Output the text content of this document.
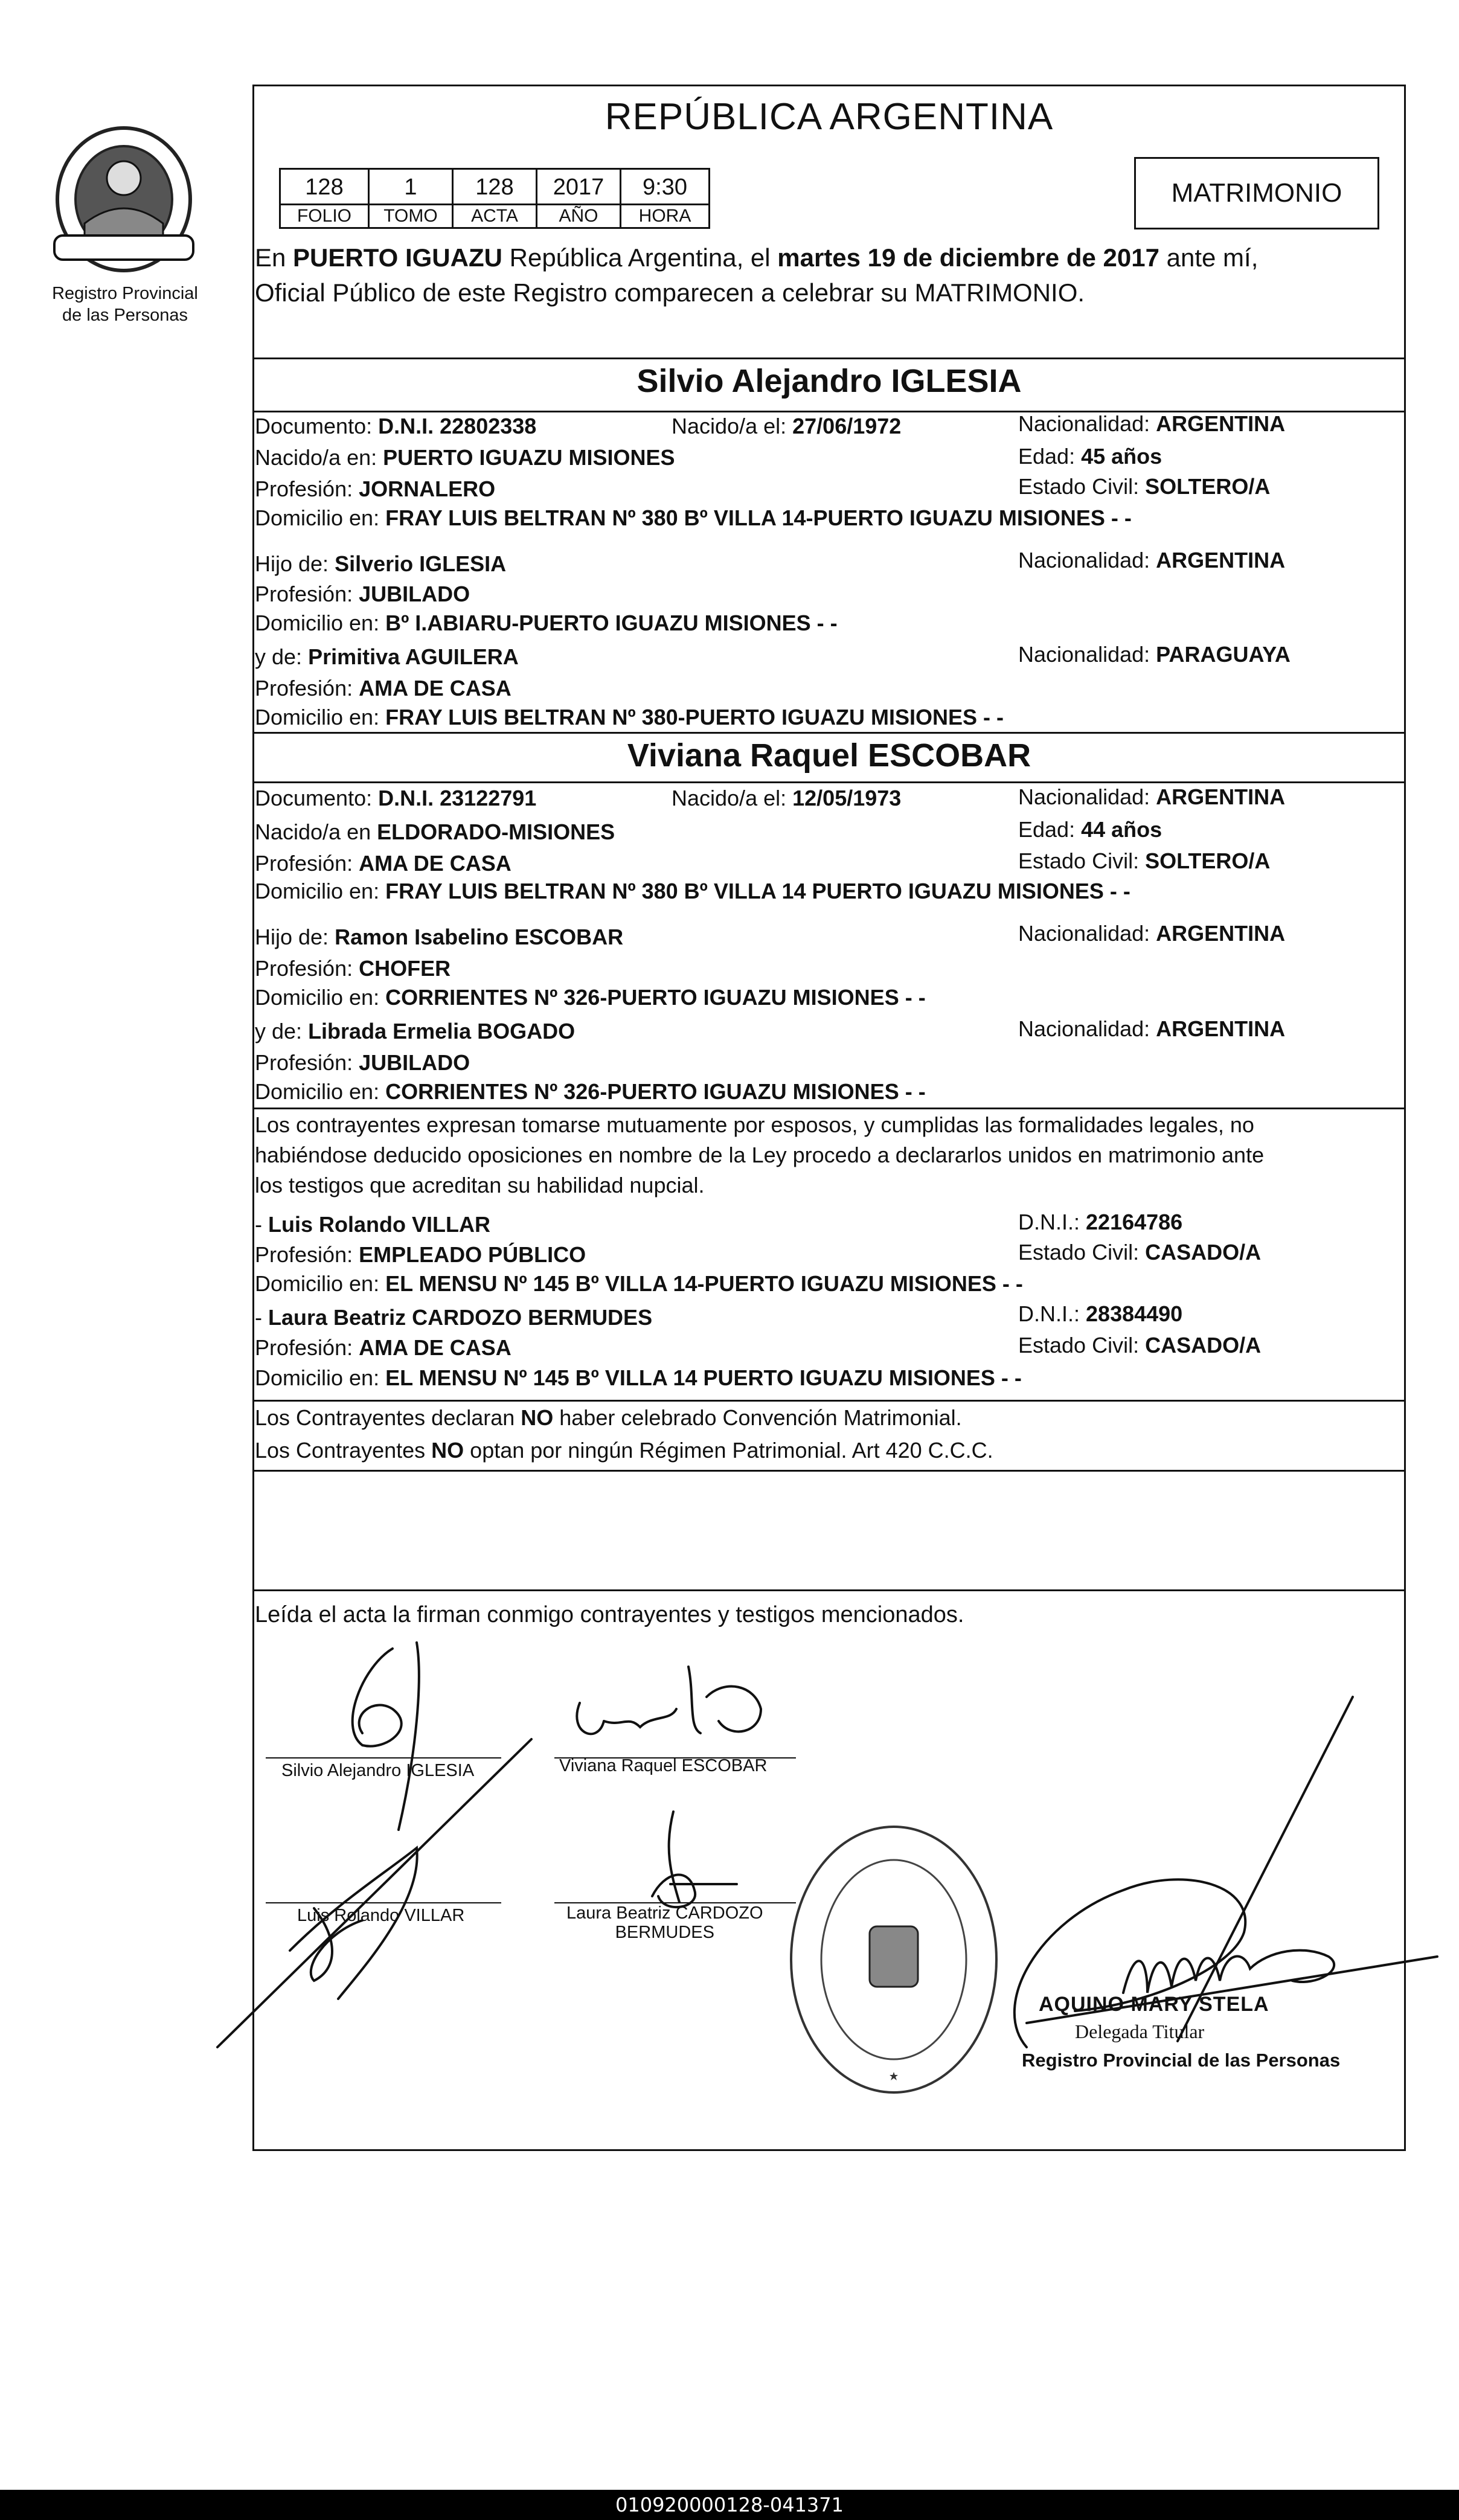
Registro Provincial
de las Personas
REPÚBLICA ARGENTINA
128	1	128	2017	9:30
FOLIO	TOMO	ACTA	AÑO	HORA
MATRIMONIO
En PUERTO IGUAZU República Argentina, el martes 19 de diciembre de 2017 ante mí,
Oficial Público de este Registro comparecen a celebrar su MATRIMONIO.
Silvio Alejandro IGLESIA
Documento: D.N.I. 22802338	Nacido/a el: 27/06/1972	Nacionalidad: ARGENTINA
Nacido/a en: PUERTO IGUAZU MISIONES	Edad: 45 años
Profesión: JORNALERO	Estado Civil: SOLTERO/A
Domicilio en: FRAY LUIS BELTRAN Nº 380 Bº VILLA 14-PUERTO IGUAZU MISIONES - -
Hijo de: Silverio IGLESIA	Nacionalidad: ARGENTINA
Profesión: JUBILADO
Domicilio en: Bº I.ABIARU-PUERTO IGUAZU MISIONES - -
y de: Primitiva AGUILERA	Nacionalidad: PARAGUAYA
Profesión: AMA DE CASA
Domicilio en: FRAY LUIS BELTRAN Nº 380-PUERTO IGUAZU MISIONES - -
Viviana Raquel ESCOBAR
Documento: D.N.I. 23122791	Nacido/a el: 12/05/1973	Nacionalidad: ARGENTINA
Nacido/a en ELDORADO-MISIONES	Edad: 44 años
Profesión: AMA DE CASA	Estado Civil: SOLTERO/A
Domicilio en: FRAY LUIS BELTRAN Nº 380 Bº VILLA 14 PUERTO IGUAZU MISIONES - -
Hijo de: Ramon Isabelino ESCOBAR	Nacionalidad: ARGENTINA
Profesión: CHOFER
Domicilio en: CORRIENTES Nº 326-PUERTO IGUAZU MISIONES - -
y de: Librada Ermelia BOGADO	Nacionalidad: ARGENTINA
Profesión: JUBILADO
Domicilio en: CORRIENTES Nº 326-PUERTO IGUAZU MISIONES - -
Los contrayentes expresan tomarse mutuamente por esposos, y cumplidas las formalidades legales, no
habiéndose deducido oposiciones en nombre de la Ley procedo a declararlos unidos en matrimonio ante
los testigos que acreditan su habilidad nupcial.
- Luis Rolando VILLAR	D.N.I.: 22164786
Profesión: EMPLEADO PÚBLICO	Estado Civil: CASADO/A
Domicilio en: EL MENSU Nº 145 Bº VILLA 14-PUERTO IGUAZU MISIONES - -
- Laura Beatriz CARDOZO BERMUDES	D.N.I.: 28384490
Profesión: AMA DE CASA	Estado Civil: CASADO/A
Domicilio en: EL MENSU Nº 145 Bº VILLA 14 PUERTO IGUAZU MISIONES - -
Los Contrayentes declaran NO haber celebrado Convención Matrimonial.
Los Contrayentes NO optan por ningún Régimen Patrimonial. Art 420 C.C.C.
Leída el acta la firman conmigo contrayentes y testigos mencionados.
Silvio Alejandro IGLESIA	Viviana Raquel ESCOBAR
Luis Rolando VILLAR	Laura Beatriz CARDOZO
BERMUDES
AQUINO MARY STELA
Delegada Titular
Registro Provincial de las Personas
010920000128-041371
